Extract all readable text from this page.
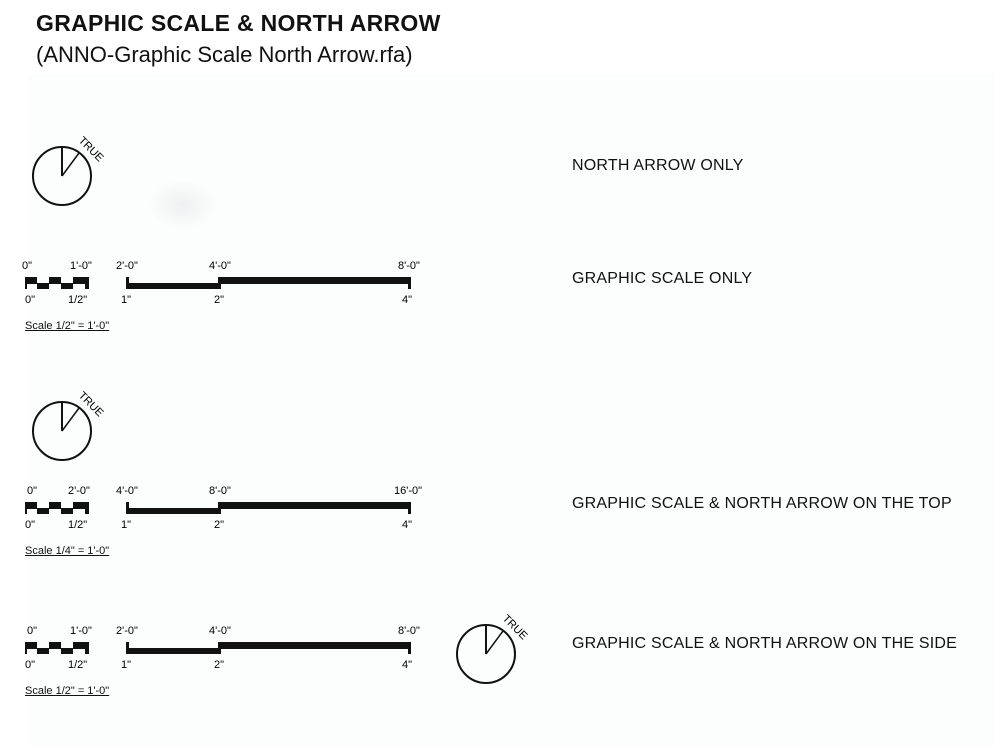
GRAPHIC SCALE & NORTH ARROW

(ANNO-Graphic Scale North Arrow.rfa)

TRUE
NORTH ARROW ONLY
0"	1'-0" 2'-0"	4'-0"	8'-0"
0"	1/2"	1"	2"	4"
Scale 1/2" = 1'-0"
GRAPHIC SCALE ONLY
TRUE
0"	2'-0" 4'-0"	8'-0"	16'-0"
0"	1/2"	1"	2"	4"
Scale 1/4" = 1'-0"
GRAPHIC SCALE & NORTH ARROW ON THE TOP
0"	1'-0" 2'-0"	4'-0"	8'-0"
0"	1/2"	1"	2"	4"
Scale 1/2" = 1'-0"
TRUE
GRAPHIC SCALE & NORTH ARROW ON THE SIDE
